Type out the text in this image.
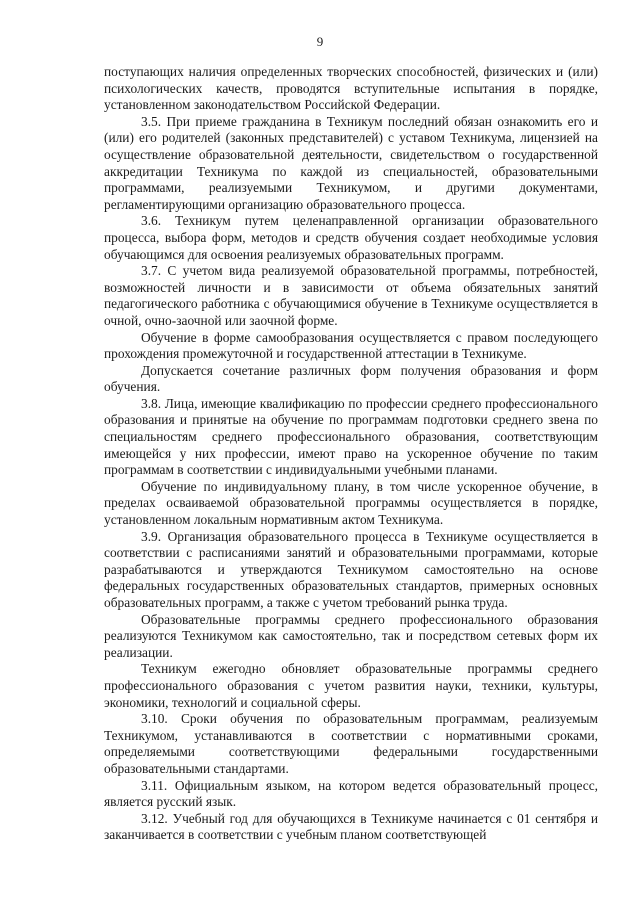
9

поступающих наличия определенных творческих способностей, физических и (или) психологических качеств, проводятся вступительные испытания в порядке, установленном законодательством Российской Федерации.

3.5. При приеме гражданина в Техникум последний обязан ознакомить его и (или) его родителей (законных представителей) с уставом Техникума, лицензией на осуществление образовательной деятельности, свидетельством о государственной аккредитации Техникума по каждой из специальностей, образовательными программами, реализуемыми Техникумом, и другими документами, регламентирующими организацию образовательного процесса.

3.6. Техникум путем целенаправленной организации образовательного процесса, выбора форм, методов и средств обучения создает необходимые условия обучающимся для освоения реализуемых образовательных программ.

3.7. С учетом вида реализуемой образовательной программы, потребностей, возможностей личности и в зависимости от объема обязательных занятий педагогического работника с обучающимися обучение в Техникуме осуществляется в очной, очно-заочной или заочной форме.

Обучение в форме самообразования осуществляется с правом последующего прохождения промежуточной и государственной аттестации в Техникуме.

Допускается сочетание различных форм получения образования и форм обучения.

3.8. Лица, имеющие квалификацию по профессии среднего профессионального образования и принятые на обучение по программам подготовки среднего звена по специальностям среднего профессионального образования, соответствующим имеющейся у них профессии, имеют право на ускоренное обучение по таким программам в соответствии с индивидуальными учебными планами.

Обучение по индивидуальному плану, в том числе ускоренное обучение, в пределах осваиваемой образовательной программы осуществляется в порядке, установленном локальным нормативным актом Техникума.

3.9. Организация образовательного процесса в Техникуме осуществляется в соответствии с расписаниями занятий и образовательными программами, которые разрабатываются и утверждаются Техникумом самостоятельно на основе федеральных государственных образовательных стандартов, примерных основных образовательных программ, а также с учетом требований рынка труда.

Образовательные программы среднего профессионального образования реализуются Техникумом как самостоятельно, так и посредством сетевых форм их реализации.

Техникум ежегодно обновляет образовательные программы среднего профессионального образования с учетом развития науки, техники, культуры, экономики, технологий и социальной сферы.

3.10. Сроки обучения по образовательным программам, реализуемым Техникумом, устанавливаются в соответствии с нормативными сроками, определяемыми соответствующими федеральными государственными образовательными стандартами.

3.11. Официальным языком, на котором ведется образовательный процесс, является русский язык.

3.12. Учебный год для обучающихся в Техникуме начинается с 01 сентября и заканчивается в соответствии с учебным планом соответствующей
